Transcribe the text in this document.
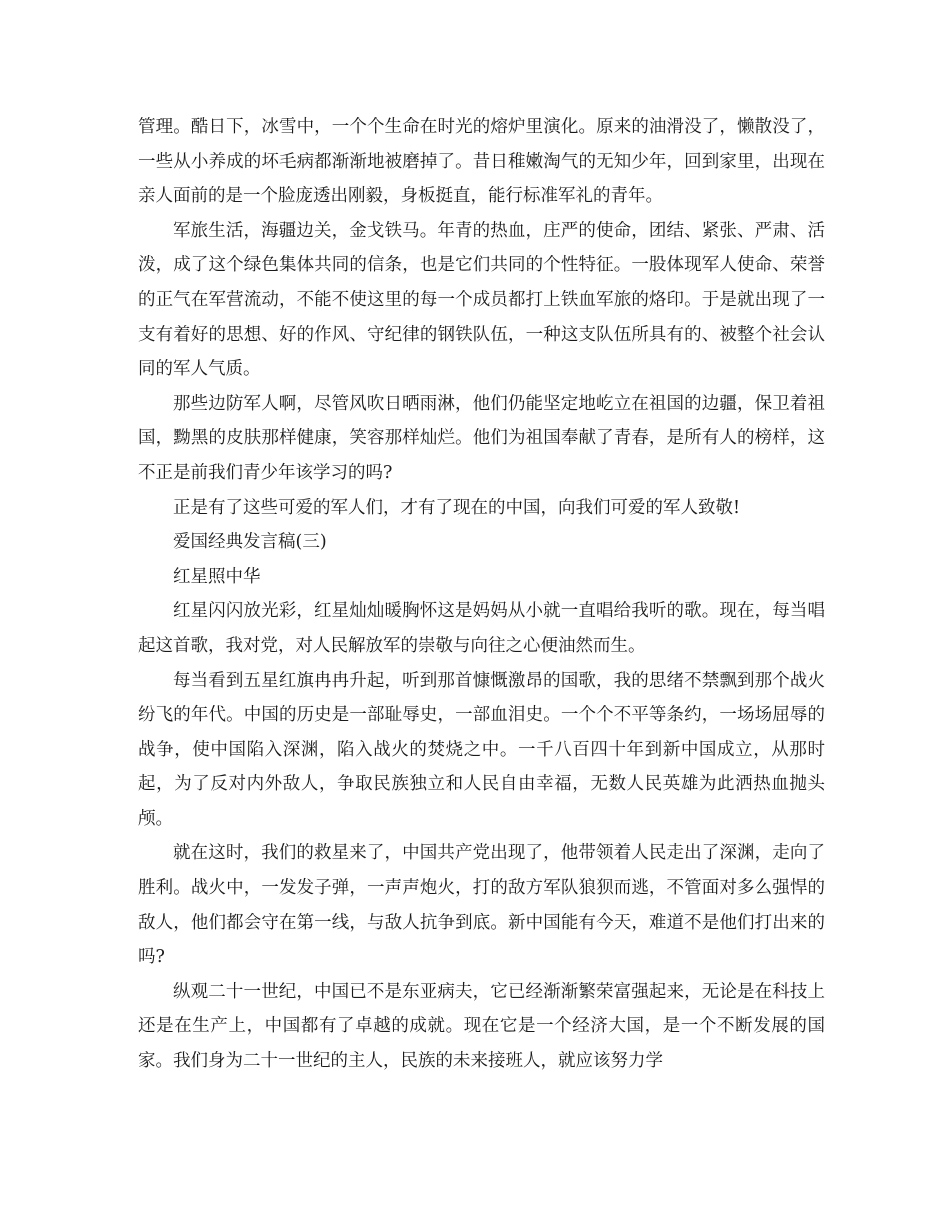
管理。酷日下，冰雪中，一个个生命在时光的熔炉里演化。原来的油滑没了，懒散没了，一些从小养成的坏毛病都渐渐地被磨掉了。昔日稚嫩淘气的无知少年，回到家里，出现在亲人面前的是一个脸庞透出刚毅，身板挺直，能行标准军礼的青年。

军旅生活，海疆边关，金戈铁马。年青的热血，庄严的使命，团结、紧张、严肃、活泼，成了这个绿色集体共同的信条，也是它们共同的个性特征。一股体现军人使命、荣誉的正气在军营流动，不能不使这里的每一个成员都打上铁血军旅的烙印。于是就出现了一支有着好的思想、好的作风、守纪律的钢铁队伍，一种这支队伍所具有的、被整个社会认同的军人气质。

那些边防军人啊，尽管风吹日晒雨淋，他们仍能坚定地屹立在祖国的边疆，保卫着祖国，黝黑的皮肤那样健康，笑容那样灿烂。他们为祖国奉献了青春，是所有人的榜样，这不正是前我们青少年该学习的吗?

正是有了这些可爱的军人们，才有了现在的中国，向我们可爱的军人致敬!

爱国经典发言稿(三)

红星照中华

红星闪闪放光彩，红星灿灿暖胸怀这是妈妈从小就一直唱给我听的歌。现在，每当唱起这首歌，我对党，对人民解放军的崇敬与向往之心便油然而生。

每当看到五星红旗冉冉升起，听到那首慷慨激昂的国歌，我的思绪不禁飘到那个战火纷飞的年代。中国的历史是一部耻辱史，一部血泪史。一个个不平等条约，一场场屈辱的战争，使中国陷入深渊，陷入战火的焚烧之中。一千八百四十年到新中国成立，从那时起，为了反对内外敌人，争取民族独立和人民自由幸福，无数人民英雄为此洒热血抛头颅。

就在这时，我们的救星来了，中国共产党出现了，他带领着人民走出了深渊，走向了胜利。战火中，一发发子弹，一声声炮火，打的敌方军队狼狈而逃，不管面对多么强悍的敌人，他们都会守在第一线，与敌人抗争到底。新中国能有今天，难道不是他们打出来的吗?

纵观二十一世纪，中国已不是东亚病夫，它已经渐渐繁荣富强起来，无论是在科技上还是在生产上，中国都有了卓越的成就。现在它是一个经济大国，是一个不断发展的国家。我们身为二十一世纪的主人，民族的未来接班人，就应该努力学
